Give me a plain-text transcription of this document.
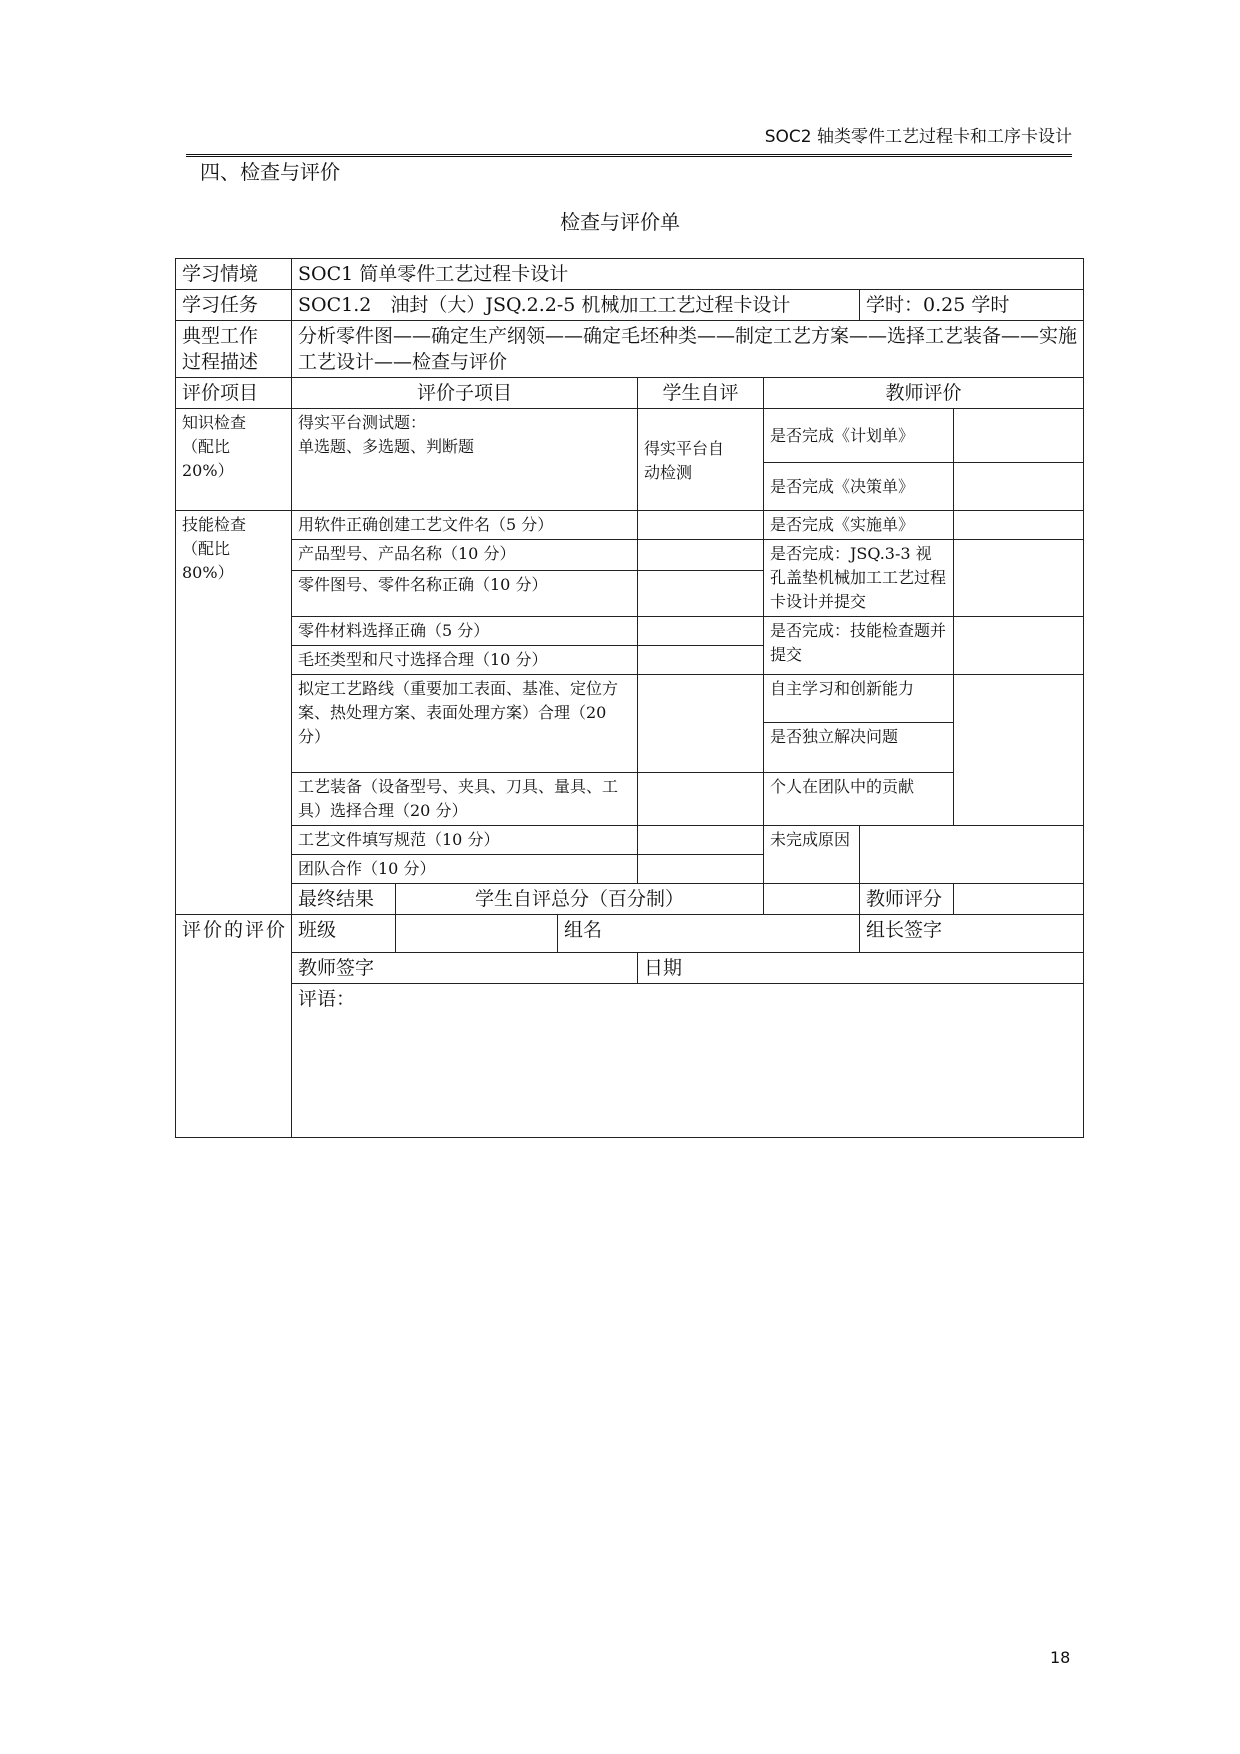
SOC2 轴类零件工艺过程卡和工序卡设计
四、检查与评价
检查与评价单
学习情境	SOC1 简单零件工艺过程卡设计						
学习任务	SOC1.2　油封（大）JSQ.2.2-5 机械加工工艺过程卡设计					学时：0.25 学时	
典型工作
过程描述	分析零件图——确定生产纲领——确定毛坯种类——制定工艺方案——选择工艺装备——实施工艺设计——检查与评价						
评价项目	评价子项目			学生自评	教师评价		
知识检查
（配比
20%）	得实平台测试题：
单选题、多选题、判断题			得实平台自
动检测	是否完成《计划单》		
					是否完成《决策单》		
技能检查
（配比
80%）	用软件正确创建工艺文件名（5 分）				是否完成《实施单》		
	产品型号、产品名称（10 分）				是否完成：JSQ.3-3 视孔盖垫机械加工工艺过程卡设计并提交		
	零件图号、零件名称正确（10 分）						
	零件材料选择正确（5 分）				是否完成：技能检查题并提交		
	毛坯类型和尺寸选择合理（10 分）						
	拟定工艺路线（重要加工表面、基准、定位方案、热处理方案、表面处理方案）合理（20 分）				自主学习和创新能力		
					是否独立解决问题		
	工艺装备（设备型号、夹具、刀具、量具、工具）选择合理（20 分）				个人在团队中的贡献		
	工艺文件填写规范（10 分）				未完成原因		
	团队合作（10 分）						
	最终结果	学生自评总分（百分制）				教师评分	
评价的评价	班级		组名			组长签字	
	教师签字			日期			
	评语：						
18
